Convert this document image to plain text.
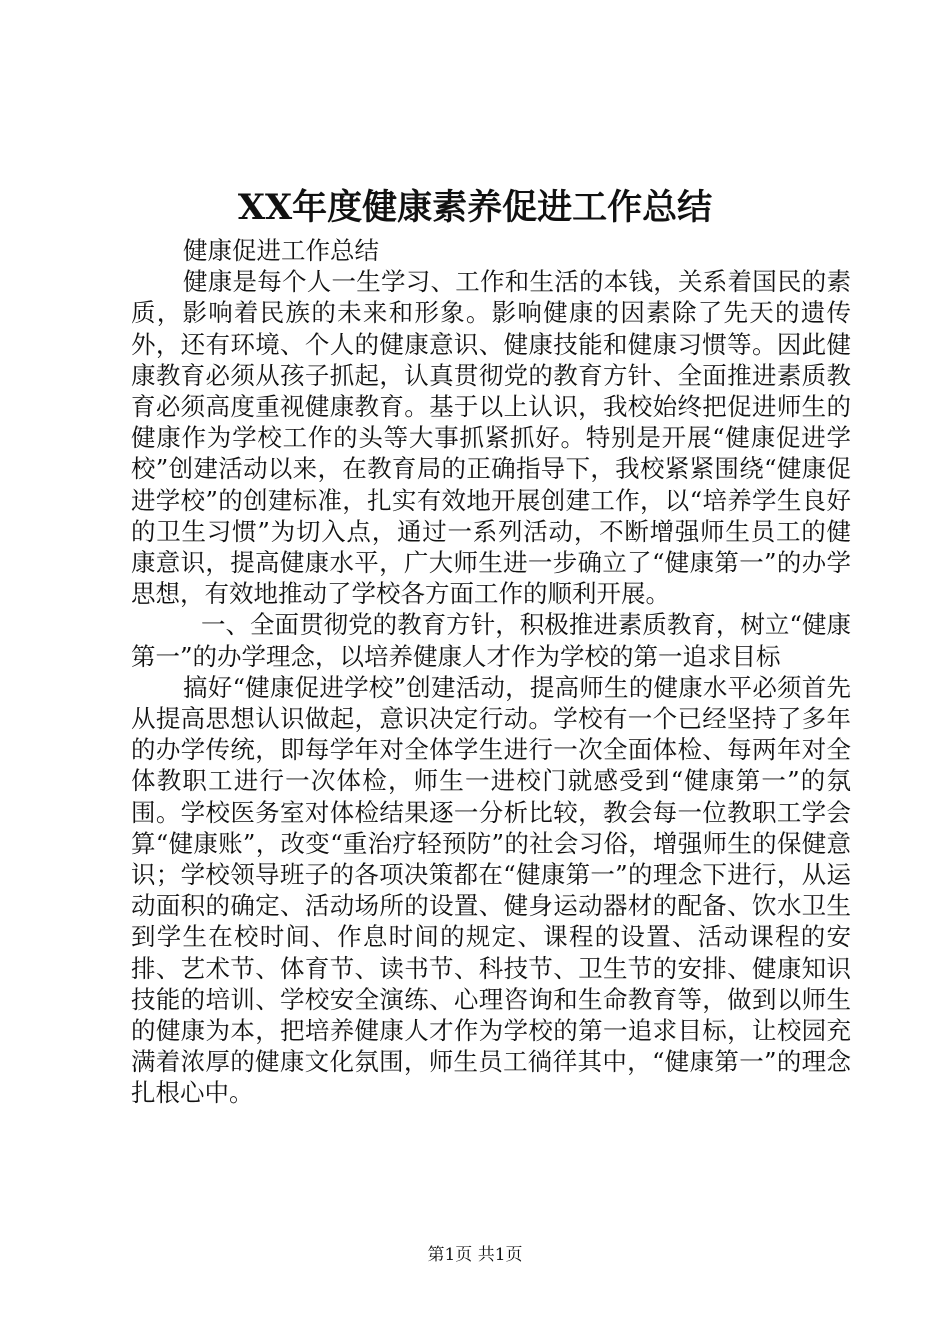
XX年度健康素养促进工作总结

健康促进工作总结

健康是每个人一生学习、工作和生活的本钱，关系着国民的素质，影响着民族的未来和形象。影响健康的因素除了先天的遗传外，还有环境、个人的健康意识、健康技能和健康习惯等。因此健康教育必须从孩子抓起，认真贯彻党的教育方针、全面推进素质教育必须高度重视健康教育。基于以上认识，我校始终把促进师生的健康作为学校工作的头等大事抓紧抓好。特别是开展“健康促进学校”创建活动以来，在教育局的正确指导下，我校紧紧围绕“健康促进学校”的创建标准，扎实有效地开展创建工作，以“培养学生良好的卫生习惯”为切入点，通过一系列活动，不断增强师生员工的健康意识，提高健康水平，广大师生进一步确立了“健康第一”的办学思想，有效地推动了学校各方面工作的顺利开展。

一、全面贯彻党的教育方针，积极推进素质教育，树立“健康第一”的办学理念，以培养健康人才作为学校的第一追求目标

搞好“健康促进学校”创建活动，提高师生的健康水平必须首先从提高思想认识做起，意识决定行动。学校有一个已经坚持了多年的办学传统，即每学年对全体学生进行一次全面体检、每两年对全体教职工进行一次体检，师生一进校门就感受到“健康第一”的氛围。学校医务室对体检结果逐一分析比较，教会每一位教职工学会算“健康账”，改变“重治疗轻预防”的社会习俗，增强师生的保健意识；学校领导班子的各项决策都在“健康第一”的理念下进行，从运动面积的确定、活动场所的设置、健身运动器材的配备、饮水卫生到学生在校时间、作息时间的规定、课程的设置、活动课程的安排、艺术节、体育节、读书节、科技节、卫生节的安排、健康知识技能的培训、学校安全演练、心理咨询和生命教育等，做到以师生的健康为本，把培养健康人才作为学校的第一追求目标，让校园充满着浓厚的健康文化氛围，师生员工徜徉其中，“健康第一”的理念扎根心中。

第1页 共1页
